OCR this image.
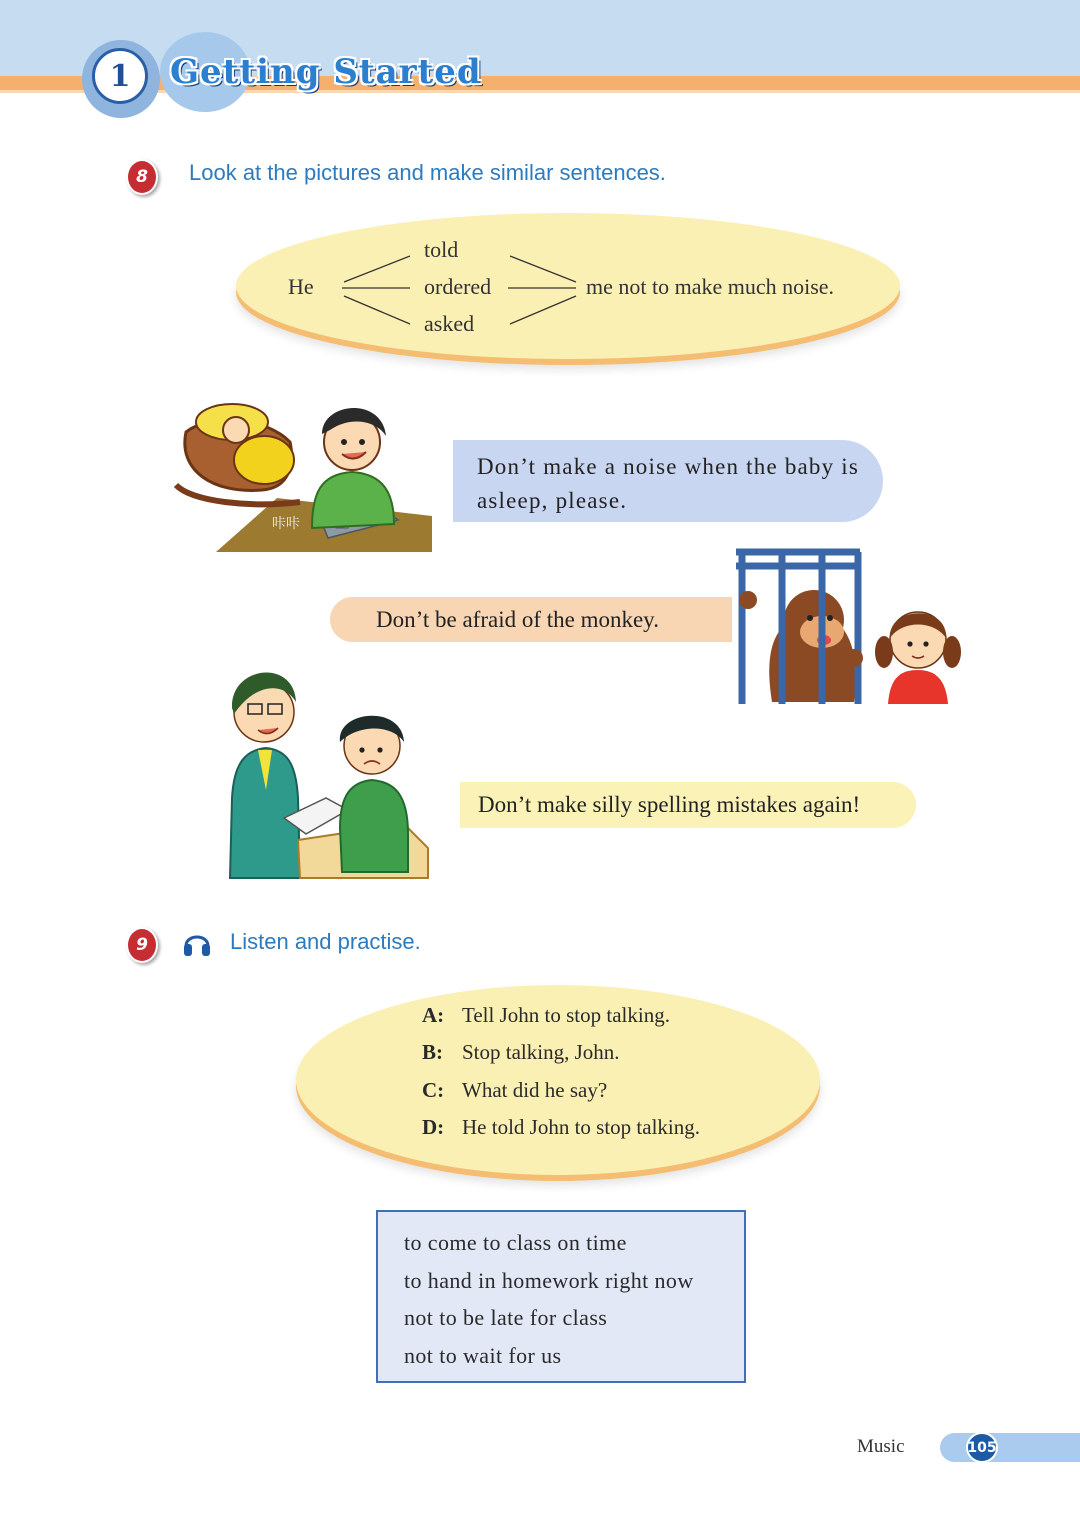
1	Getting Started
8	Look at the pictures and make similar sentences.
He
told
ordered
asked
me not to make much noise.
咔咔
Don’t make a noise when the baby is asleep, please.
Don’t be afraid of the monkey.
Don’t make silly spelling mistakes again!
9	Listen and practise.
A: Tell John to stop talking.
B: Stop talking, John.
C: What did he say?
D: He told John to stop talking.
to come to class on time
to hand in homework right now
not to be late for class
not to wait for us
Music	105
